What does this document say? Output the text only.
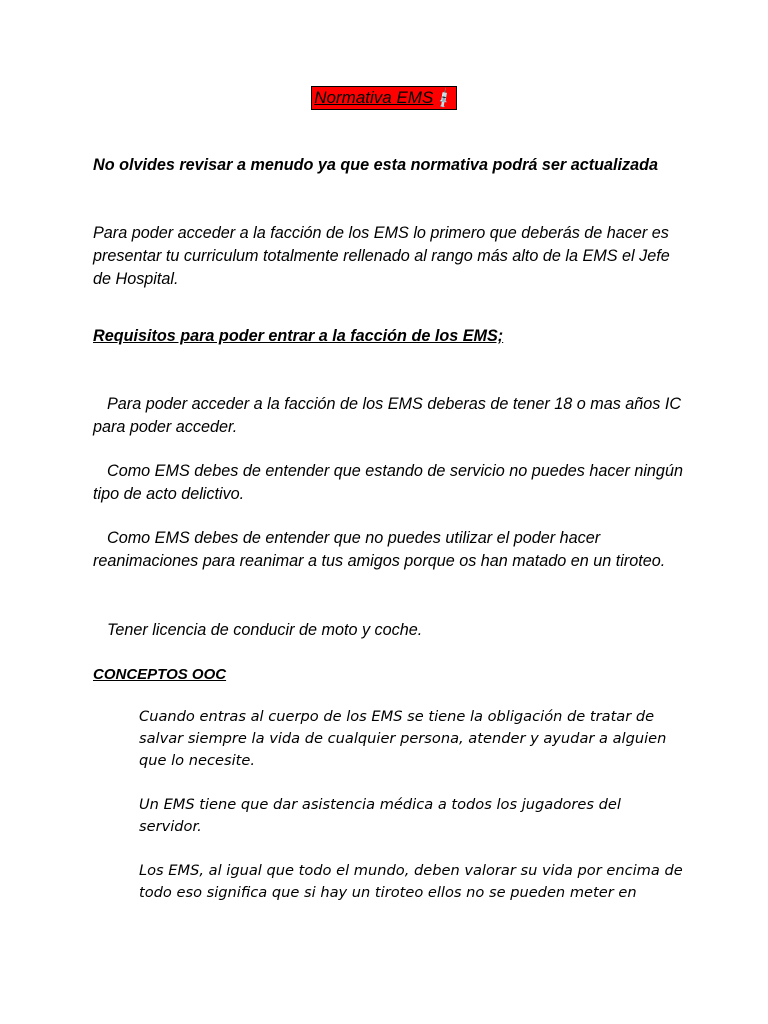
Normativa EMS💉
No olvides revisar a menudo ya que esta normativa podrá ser actualizada
Para poder acceder a la facción de los EMS lo primero que deberás de hacer es presentar tu curriculum totalmente rellenado al rango más alto de la EMS el Jefe de Hospital.
Requisitos para poder entrar a la facción de los EMS;
Para poder acceder a la facción de los EMS deberas de tener 18 o mas años IC para poder acceder.
Como EMS debes de entender que estando de servicio no puedes hacer ningún tipo de acto delictivo.
Como EMS debes de entender que no puedes utilizar el poder hacer reanimaciones para reanimar a tus amigos porque os han matado en un tiroteo.
Tener licencia de conducir de moto y coche.
CONCEPTOS OOC
Cuando entras al cuerpo de los EMS se tiene la obligación de tratar de salvar siempre la vida de cualquier persona, atender y ayudar a alguien que lo necesite.
Un EMS tiene que dar asistencia médica a todos los jugadores del servidor.
Los EMS, al igual que todo el mundo, deben valorar su vida por encima de todo eso significa que si hay un tiroteo ellos no se pueden meter en
